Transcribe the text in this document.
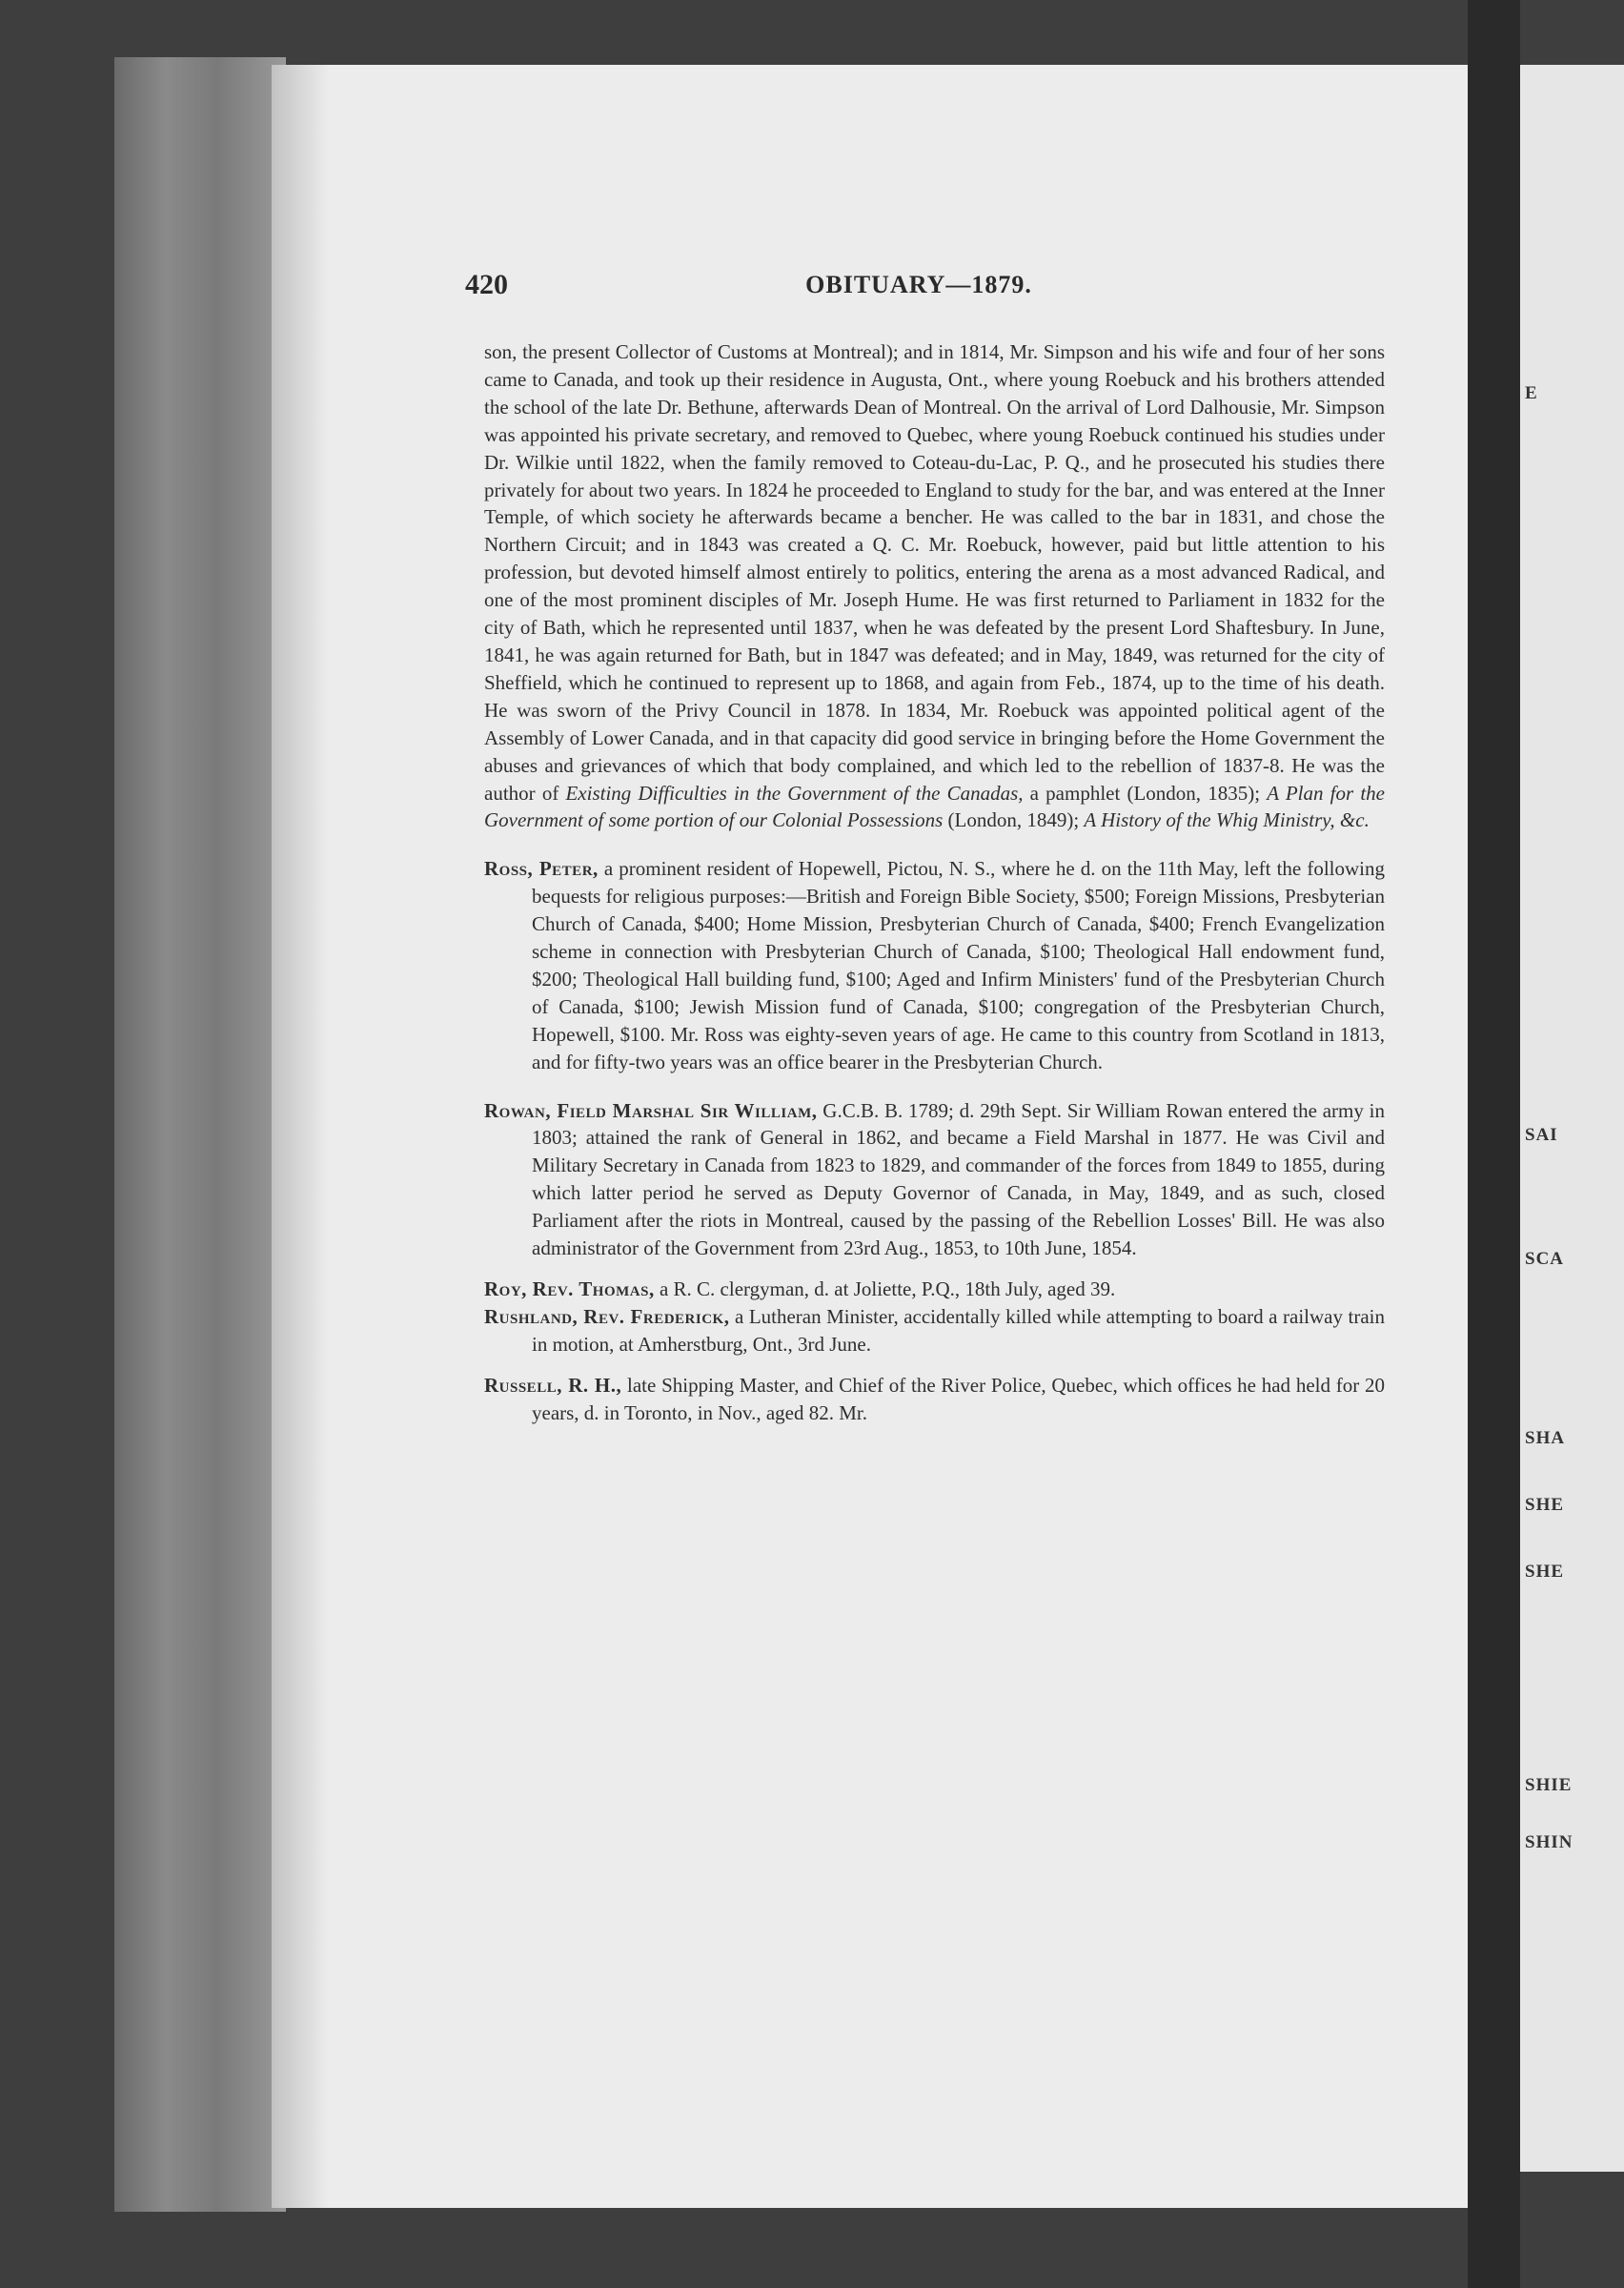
E
SAI
SCA
SHA
SHE
SHE
SHIE
SHIN
420	OBITUARY—1879.

son, the present Collector of Customs at Montreal); and in 1814, Mr. Simpson and his wife and four of her sons came to Canada, and took up their residence in Augusta, Ont., where young Roebuck and his brothers attended the school of the late Dr. Bethune, afterwards Dean of Montreal. On the arrival of Lord Dalhousie, Mr. Simpson was appointed his private secretary, and removed to Quebec, where young Roebuck continued his studies under Dr. Wilkie until 1822, when the family removed to Coteau-du-Lac, P. Q., and he prosecuted his studies there privately for about two years. In 1824 he proceeded to England to study for the bar, and was entered at the Inner Temple, of which society he afterwards became a bencher. He was called to the bar in 1831, and chose the Northern Circuit; and in 1843 was created a Q. C. Mr. Roebuck, however, paid but little attention to his profession, but devoted himself almost entirely to politics, entering the arena as a most advanced Radical, and one of the most prominent disciples of Mr. Joseph Hume. He was first returned to Parliament in 1832 for the city of Bath, which he represented until 1837, when he was defeated by the present Lord Shaftesbury. In June, 1841, he was again returned for Bath, but in 1847 was defeated; and in May, 1849, was returned for the city of Sheffield, which he continued to represent up to 1868, and again from Feb., 1874, up to the time of his death. He was sworn of the Privy Council in 1878. In 1834, Mr. Roebuck was appointed political agent of the Assembly of Lower Canada, and in that capacity did good service in bringing before the Home Government the abuses and grievances of which that body complained, and which led to the rebellion of 1837-8. He was the author of Existing Difficulties in the Government of the Canadas, a pamphlet (London, 1835); A Plan for the Government of some portion of our Colonial Possessions (London, 1849); A History of the Whig Ministry, &c.

Ross, Peter, a prominent resident of Hopewell, Pictou, N. S., where he d. on the 11th May, left the following bequests for religious purposes:—British and Foreign Bible Society, $500; Foreign Missions, Presbyterian Church of Canada, $400; Home Mission, Presbyterian Church of Canada, $400; French Evangelization scheme in connection with Presbyterian Church of Canada, $100; Theological Hall endowment fund, $200; Theological Hall building fund, $100; Aged and Infirm Ministers' fund of the Presbyterian Church of Canada, $100; Jewish Mission fund of Canada, $100; congregation of the Presbyterian Church, Hopewell, $100. Mr. Ross was eighty-seven years of age. He came to this country from Scotland in 1813, and for fifty-two years was an office bearer in the Presbyterian Church.

Rowan, Field Marshal Sir William, G.C.B. B. 1789; d. 29th Sept. Sir William Rowan entered the army in 1803; attained the rank of General in 1862, and became a Field Marshal in 1877. He was Civil and Military Secretary in Canada from 1823 to 1829, and commander of the forces from 1849 to 1855, during which latter period he served as Deputy Governor of Canada, in May, 1849, and as such, closed Parliament after the riots in Montreal, caused by the passing of the Rebellion Losses' Bill. He was also administrator of the Government from 23rd Aug., 1853, to 10th June, 1854.

Roy, Rev. Thomas, a R. C. clergyman, d. at Joliette, P.Q., 18th July, aged 39.

Rushland, Rev. Frederick, a Lutheran Minister, accidentally killed while attempting to board a railway train in motion, at Amherstburg, Ont., 3rd June.

Russell, R. H., late Shipping Master, and Chief of the River Police, Quebec, which offices he had held for 20 years, d. in Toronto, in Nov., aged 82. Mr.
